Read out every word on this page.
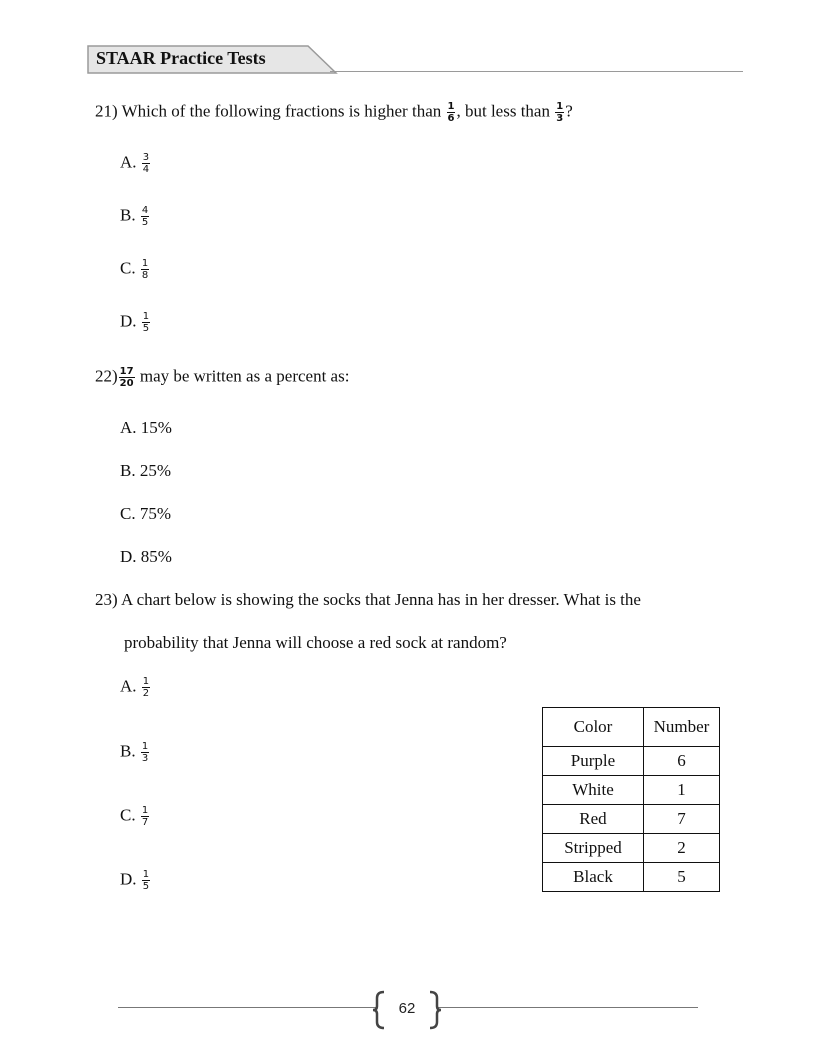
STAAR Practice Tests
21) Which of the following fractions is higher than $\frac{1}{6}$ , but less than $\frac{1}{3}$ ?
A. $\frac{3}{4}$
B. $\frac{4}{5}$
C. $\frac{1}{8}$
D. $\frac{1}{5}$
$22) \frac{17}{20}$ may be written as a percent as:
A. 15%
B. 25%
C. 75%
D. 85%
23) A chart below is showing the socks that Jenna has in her dresser. What is the
probability that Jenna will choose a red sock at random?
A. $\frac{1}{2}$
B. $\frac{1}{3}$
C. $\frac{1}{7}$
D. $\frac{1}{5}$
Color	Number
Purple	6
White	1
Red	7
Stripped	2
Black	5
62
